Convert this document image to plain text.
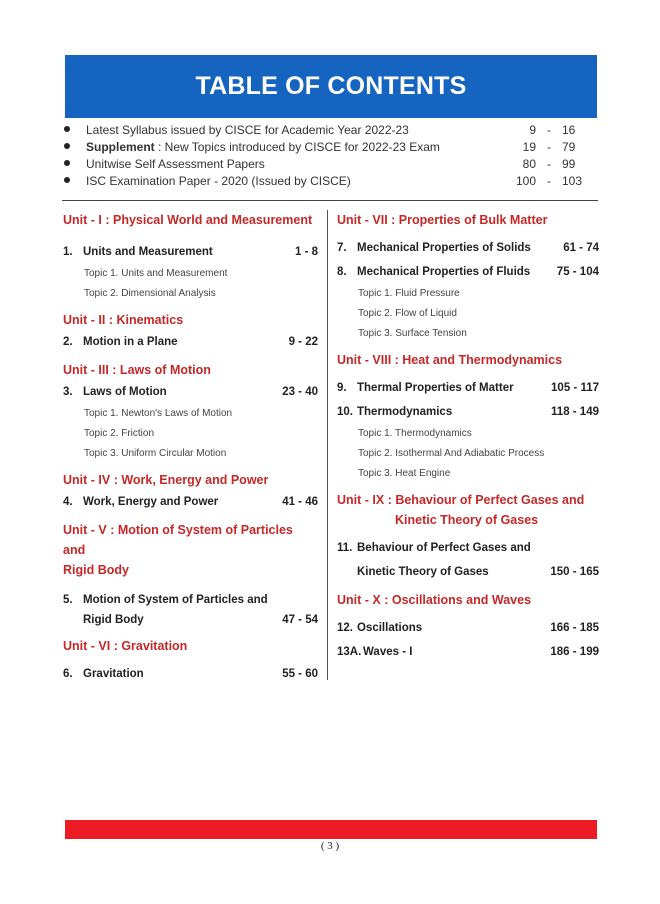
TABLE OF CONTENTS
Latest Syllabus issued by CISCE for Academic Year 2022-23	9 - 16
Supplement : New Topics introduced by CISCE for 2022-23 Exam	19 - 79
Unitwise Self Assessment Papers	80 - 99
ISC Examination Paper - 2020 (Issued by CISCE)	100 - 103
Unit - I : Physical World and Measurement
1. Units and Measurement	1 - 8
Topic 1. Units and Measurement
Topic 2. Dimensional Analysis
Unit - II : Kinematics
2. Motion in a Plane	9 - 22
Unit - III : Laws of Motion
3. Laws of Motion	23 - 40
Topic 1. Newton's Laws of Motion
Topic 2. Friction
Topic 3. Uniform Circular Motion
Unit - IV : Work, Energy and Power
4. Work, Energy and Power	41 - 46
Unit - V : Motion of System of Particles and
Rigid Body
5. Motion of System of Particles and
Rigid Body	47 - 54
Unit - VI : Gravitation
6. Gravitation	55 - 60
Unit - VII : Properties of Bulk Matter
7. Mechanical Properties of Solids	61 - 74
8. Mechanical Properties of Fluids 75 - 104
Topic 1. Fluid Pressure
Topic 2. Flow of Liquid
Topic 3. Surface Tension
Unit - VIII : Heat and Thermodynamics
9. Thermal Properties of Matter	105 - 117
10. Thermodynamics	118 - 149
Topic 1. Thermodynamics
Topic 2. Isothermal And Adiabatic Process
Topic 3. Heat Engine
Unit - IX : Behaviour of Perfect Gases and
Kinetic Theory of Gases
11. Behaviour of Perfect Gases and
Kinetic Theory of Gases	150 - 165
Unit - X : Oscillations and Waves
12. Oscillations	166 - 185
13A. Waves - I	186 - 199
( 3 )
